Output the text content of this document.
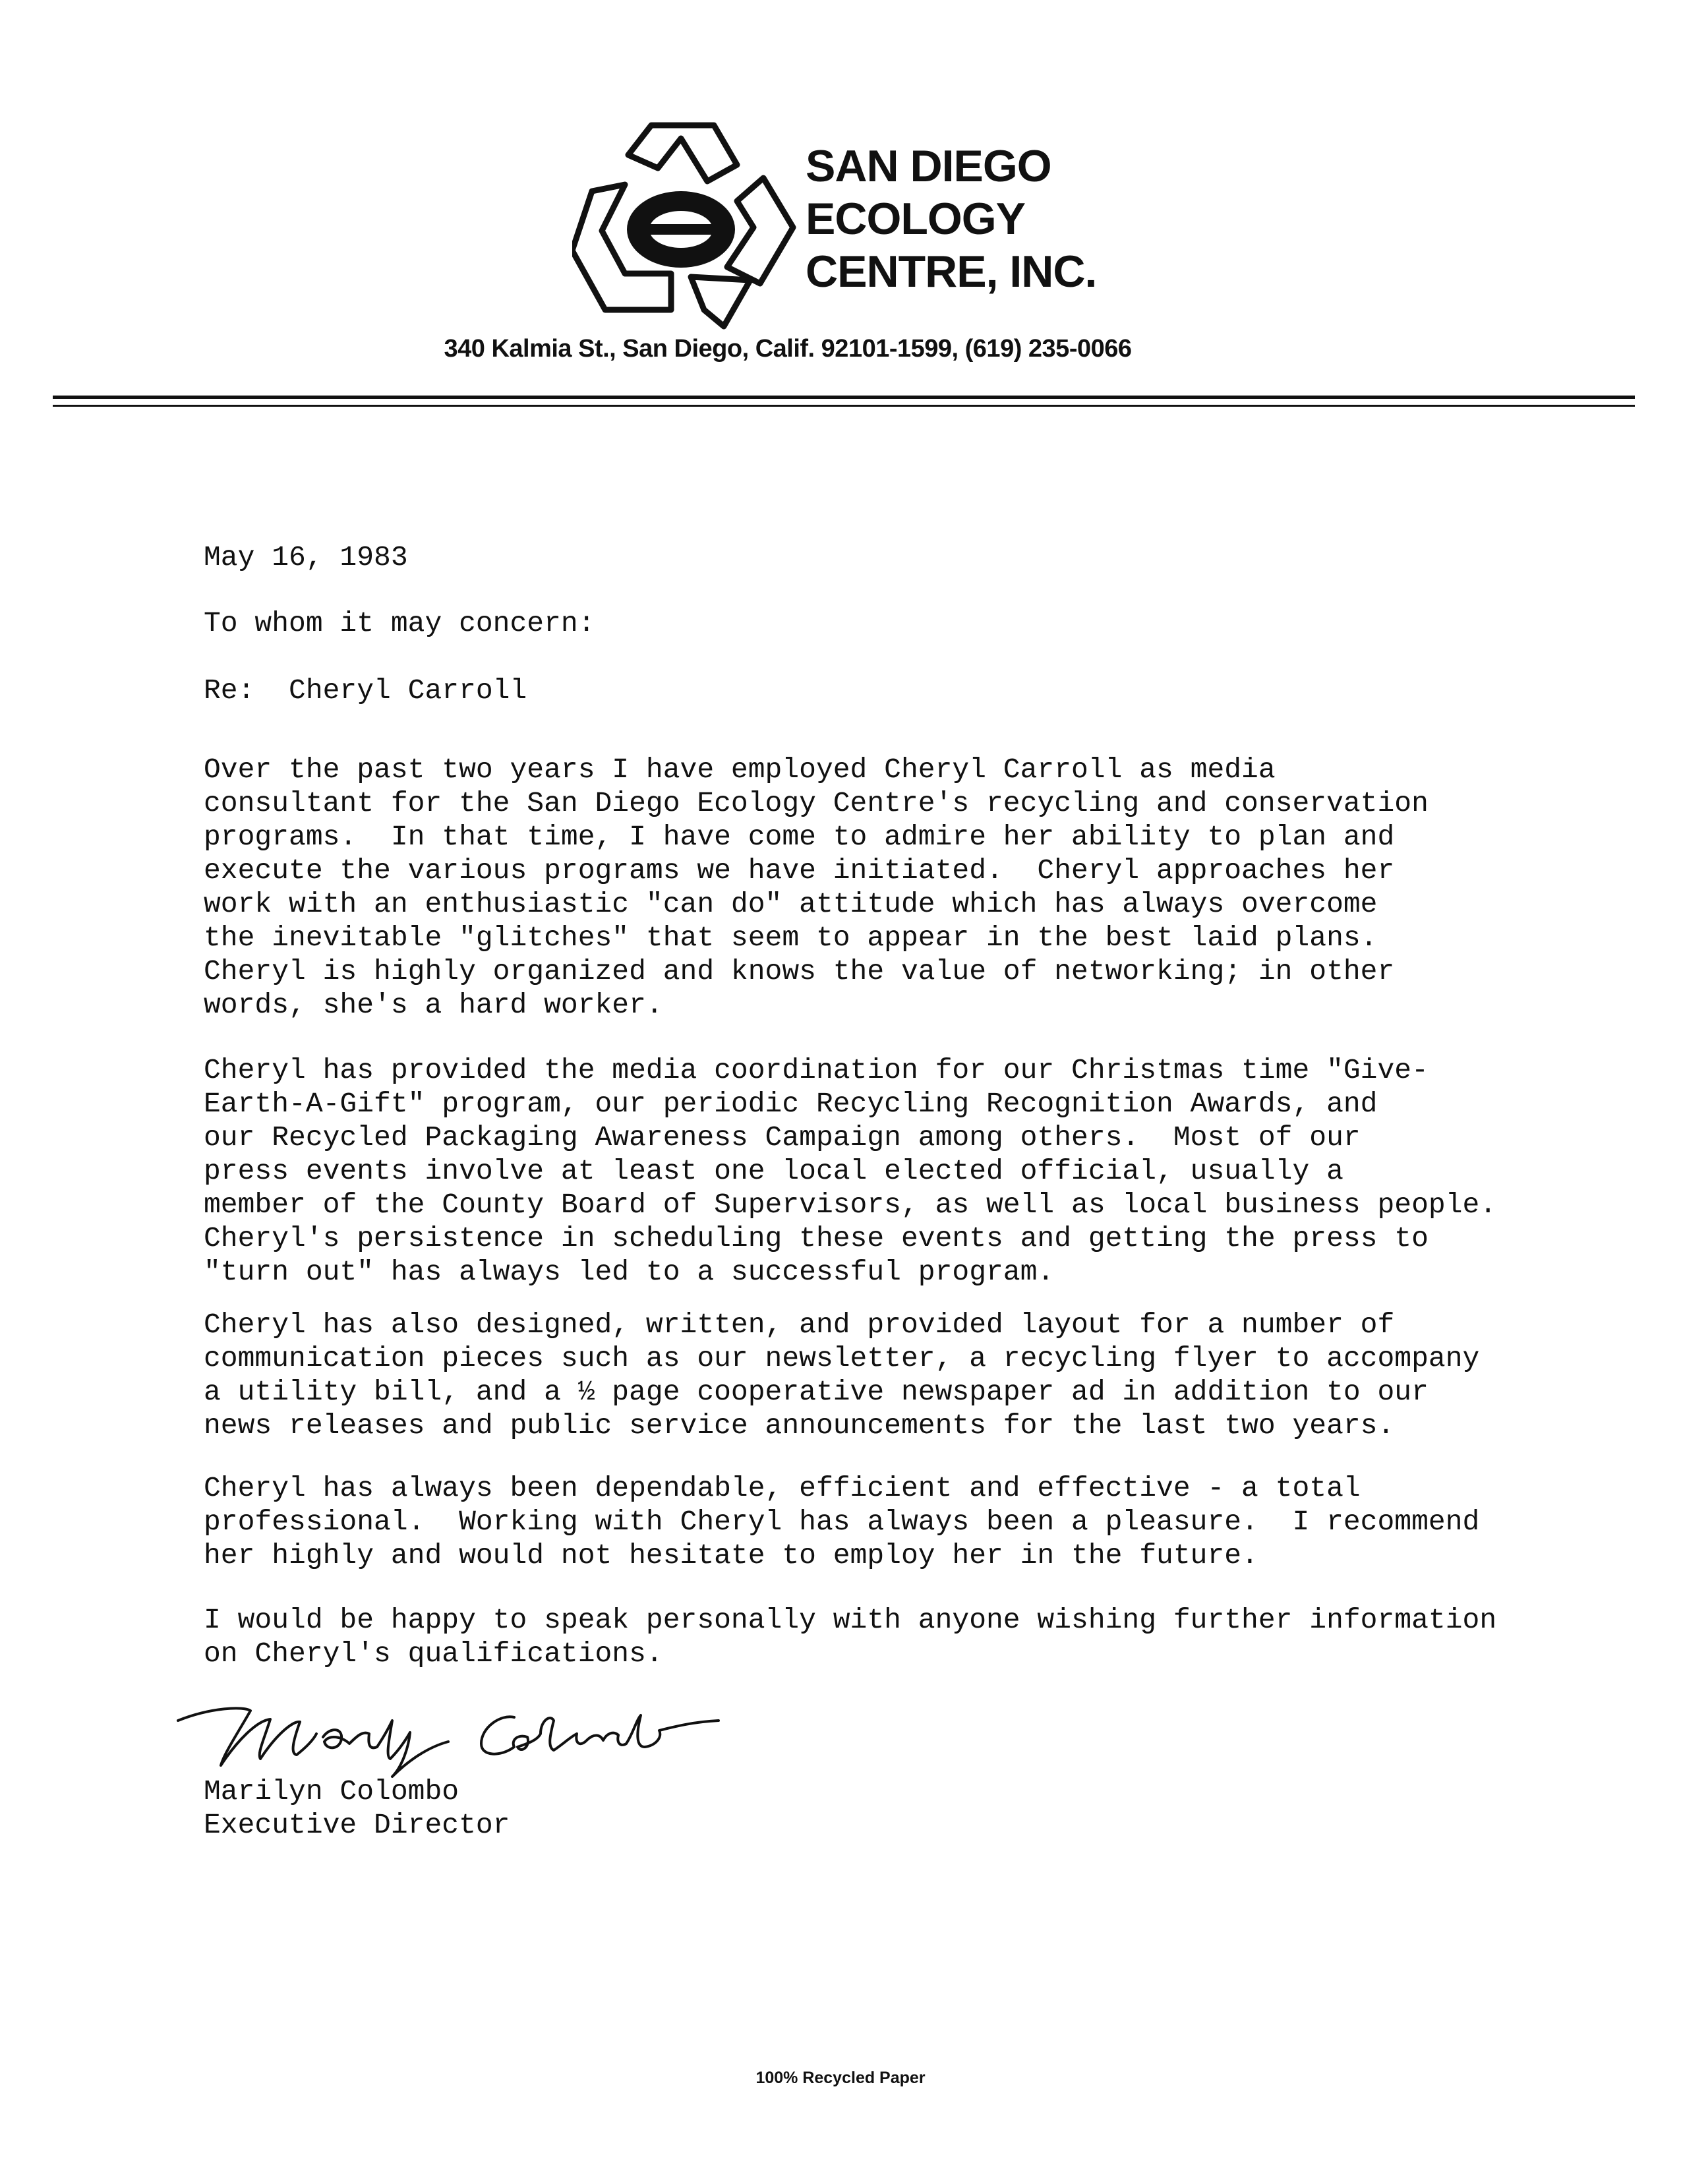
SAN DIEGO
ECOLOGY
CENTRE, INC.
340 Kalmia St., San Diego, Calif. 92101-1599, (619) 235-0066
May 16, 1983
To whom it may concern:
Re:  Cheryl Carroll
Over the past two years I have employed Cheryl Carroll as media
consultant for the San Diego Ecology Centre's recycling and conservation
programs.  In that time, I have come to admire her ability to plan and
execute the various programs we have initiated.  Cheryl approaches her
work with an enthusiastic "can do" attitude which has always overcome
the inevitable "glitches" that seem to appear in the best laid plans.
Cheryl is highly organized and knows the value of networking; in other
words, she's a hard worker.
Cheryl has provided the media coordination for our Christmas time "Give-
Earth-A-Gift" program, our periodic Recycling Recognition Awards, and
our Recycled Packaging Awareness Campaign among others.  Most of our
press events involve at least one local elected official, usually a
member of the County Board of Supervisors, as well as local business people.
Cheryl's persistence in scheduling these events and getting the press to
"turn out" has always led to a successful program.
Cheryl has also designed, written, and provided layout for a number of
communication pieces such as our newsletter, a recycling flyer to accompany
a utility bill, and a ½ page cooperative newspaper ad in addition to our
news releases and public service announcements for the last two years.
Cheryl has always been dependable, efficient and effective - a total
professional.  Working with Cheryl has always been a pleasure.  I recommend
her highly and would not hesitate to employ her in the future.
I would be happy to speak personally with anyone wishing further information
on Cheryl's qualifications.
Marilyn Colombo
Executive Director
100% Recycled Paper
